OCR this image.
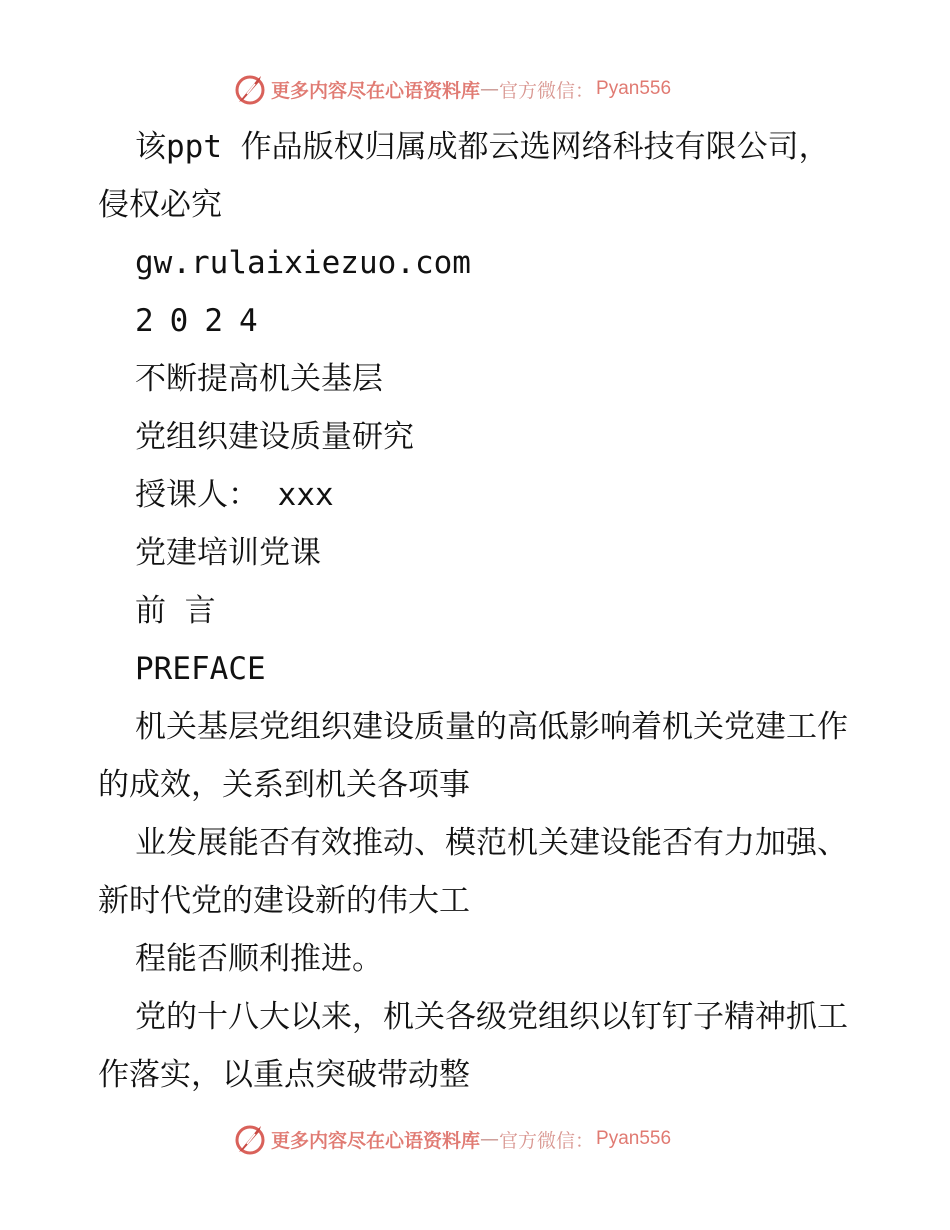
更多内容尽在心语资料库 — 官方微信： Pyan556

该ppt 作品版权归属成都云选网络科技有限公司，侵权必究

gw.rulaixiezuo.com

2024

不断提高机关基层

党组织建设质量研究

授课人： xxx

党建培训党课

前 言

PREFACE

机关基层党组织建设质量的高低影响着机关党建工作的成效，关系到机关各项事

业发展能否有效推动、模范机关建设能否有力加强、新时代党的建设新的伟大工

程能否顺利推进。

党的十八大以来，机关各级党组织以钉钉子精神抓工作落实，以重点突破带动整

更多内容尽在心语资料库 — 官方微信： Pyan556
